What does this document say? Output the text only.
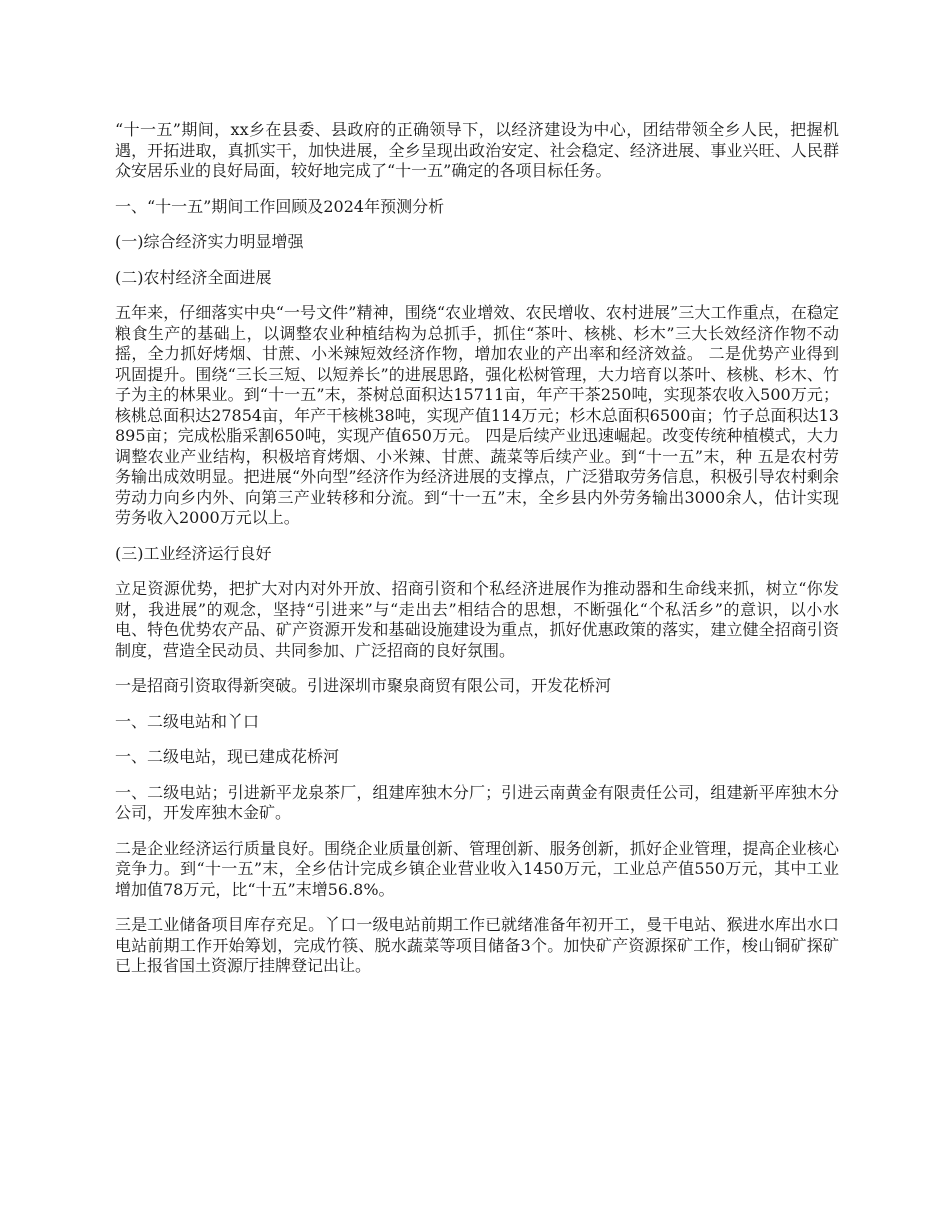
“十一五”期间，xx乡在县委、县政府的正确领导下，以经济建设为中心，团结带领全乡人民，把握机遇，开拓进取，真抓实干，加快进展，全乡呈现出政治安定、社会稳定、经济进展、事业兴旺、人民群众安居乐业的良好局面，较好地完成了“十一五”确定的各项目标任务。

一、“十一五”期间工作回顾及2024年预测分析

(一)综合经济实力明显增强

(二)农村经济全面进展

五年来，仔细落实中央“一号文件”精神，围绕“农业增效、农民增收、农村进展”三大工作重点，在稳定粮食生产的基础上，以调整农业种植结构为总抓手，抓住“茶叶、核桃、杉木”三大长效经济作物不动摇，全力抓好烤烟、甘蔗、小米辣短效经济作物，增加农业的产出率和经济效益。 二是优势产业得到巩固提升。围绕“三长三短、以短养长”的进展思路，强化松树管理，大力培育以茶叶、核桃、杉木、竹子为主的林果业。到“十一五”末，茶树总面积达15711亩，年产干茶250吨，实现茶农收入500万元；核桃总面积达27854亩，年产干核桃38吨，实现产值114万元；杉木总面积6500亩；竹子总面积达13895亩；完成松脂采割650吨，实现产值650万元。 四是后续产业迅速崛起。改变传统种植模式，大力调整农业产业结构，积极培育烤烟、小米辣、甘蔗、蔬菜等后续产业。到“十一五”末，种 五是农村劳务输出成效明显。把进展“外向型”经济作为经济进展的支撑点，广泛猎取劳务信息，积极引导农村剩余劳动力向乡内外、向第三产业转移和分流。到“十一五”末，全乡县内外劳务输出3000余人，估计实现劳务收入2000万元以上。

(三)工业经济运行良好

立足资源优势，把扩大对内对外开放、招商引资和个私经济进展作为推动器和生命线来抓，树立“你发财，我进展”的观念，坚持“引进来”与“走出去”相结合的思想，不断强化“个私活乡”的意识，以小水电、特色优势农产品、矿产资源开发和基础设施建设为重点，抓好优惠政策的落实，建立健全招商引资制度，营造全民动员、共同参加、广泛招商的良好氛围。

一是招商引资取得新突破。引进深圳市聚泉商贸有限公司，开发花桥河

一、二级电站和丫口

一、二级电站，现已建成花桥河

一、二级电站；引进新平龙泉茶厂，组建库独木分厂；引进云南黄金有限责任公司，组建新平库独木分公司，开发库独木金矿。

二是企业经济运行质量良好。围绕企业质量创新、管理创新、服务创新，抓好企业管理，提高企业核心竞争力。到“十一五”末，全乡估计完成乡镇企业营业收入1450万元，工业总产值550万元，其中工业增加值78万元，比“十五”末增56.8%。

三是工业储备项目库存充足。丫口一级电站前期工作已就绪准备年初开工，曼干电站、猴进水库出水口电站前期工作开始筹划，完成竹筷、脱水蔬菜等项目储备3个。加快矿产资源探矿工作，梭山铜矿探矿已上报省国土资源厅挂牌登记出让。
